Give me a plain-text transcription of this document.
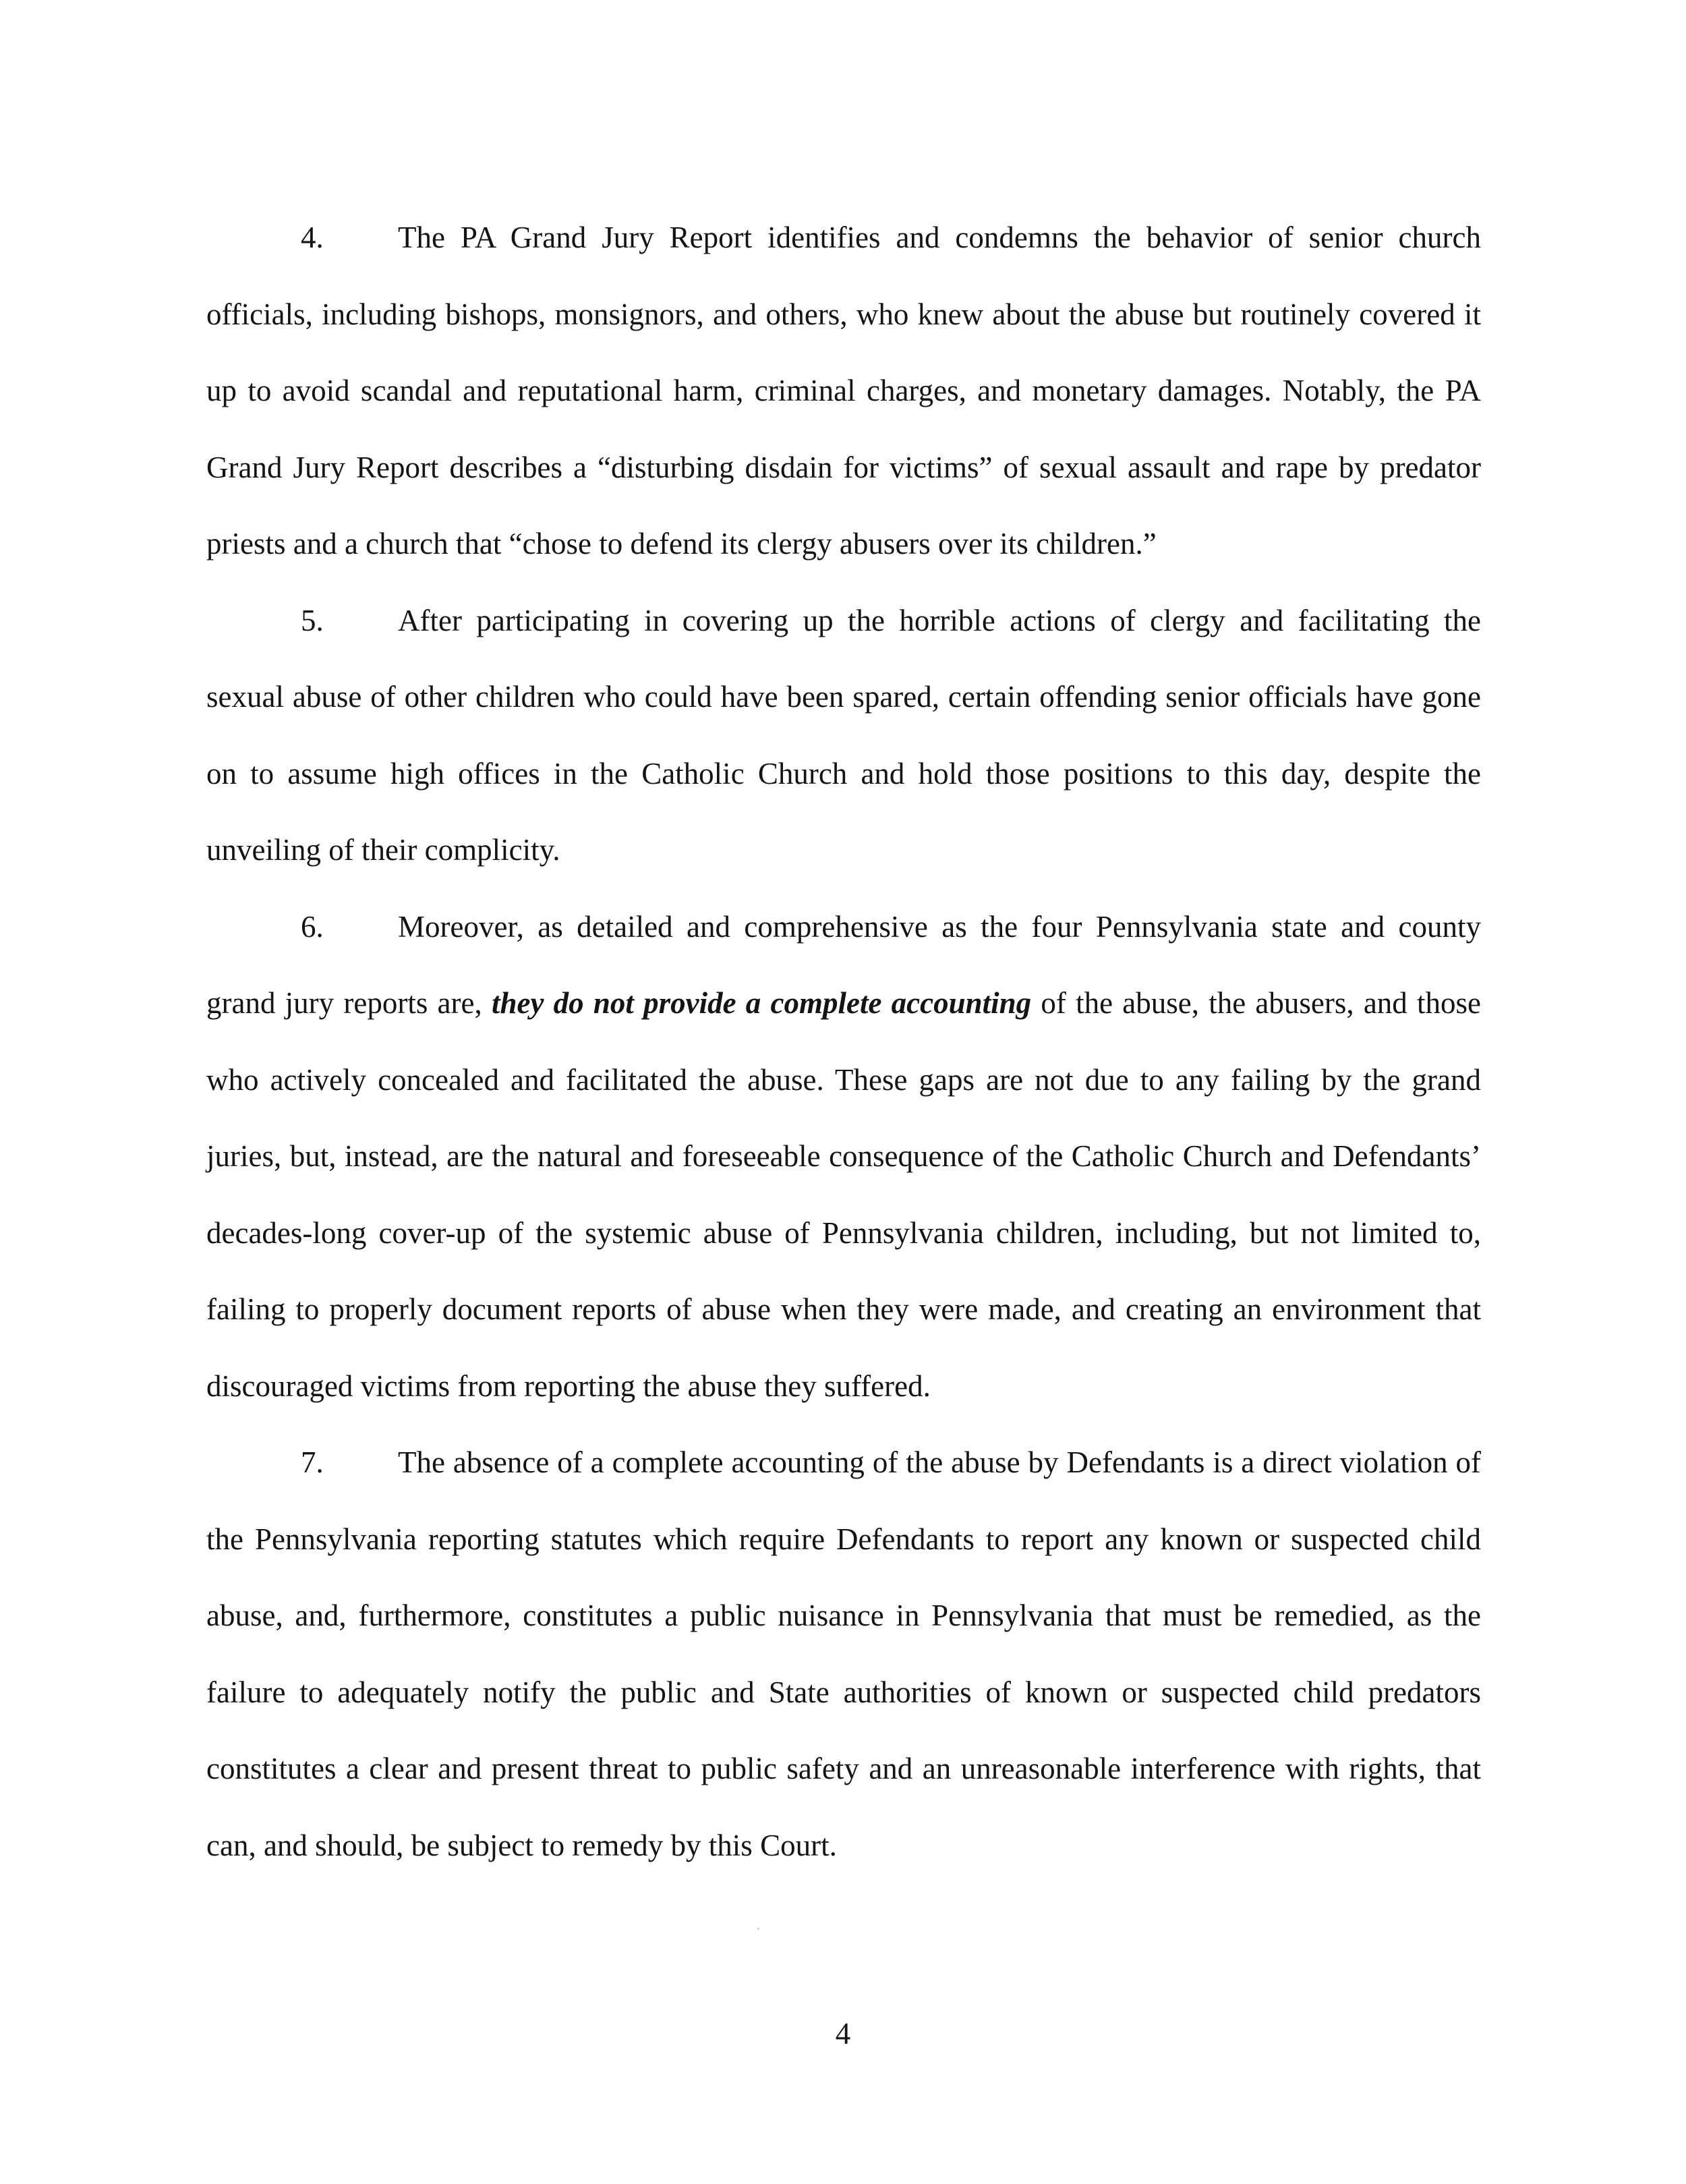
4. The PA Grand Jury Report identifies and condemns the behavior of senior church officials, including bishops, monsignors, and others, who knew about the abuse but routinely covered it up to avoid scandal and reputational harm, criminal charges, and monetary damages. Notably, the PA Grand Jury Report describes a “disturbing disdain for victims” of sexual assault and rape by predator priests and a church that “chose to defend its clergy abusers over its children.”

5. After participating in covering up the horrible actions of clergy and facilitating the sexual abuse of other children who could have been spared, certain offending senior officials have gone on to assume high offices in the Catholic Church and hold those positions to this day, despite the unveiling of their complicity.

6. Moreover, as detailed and comprehensive as the four Pennsylvania state and county grand jury reports are, they do not provide a complete accounting of the abuse, the abusers, and those who actively concealed and facilitated the abuse. These gaps are not due to any failing by the grand juries, but, instead, are the natural and foreseeable consequence of the Catholic Church and Defendants’ decades-long cover-up of the systemic abuse of Pennsylvania children, including, but not limited to, failing to properly document reports of abuse when they were made, and creating an environment that discouraged victims from reporting the abuse they suffered.

7. The absence of a complete accounting of the abuse by Defendants is a direct violation of the Pennsylvania reporting statutes which require Defendants to report any known or suspected child abuse, and, furthermore, constitutes a public nuisance in Pennsylvania that must be remedied, as the failure to adequately notify the public and State authorities of known or suspected child predators constitutes a clear and present threat to public safety and an unreasonable interference with rights, that can, and should, be subject to remedy by this Court.

4
